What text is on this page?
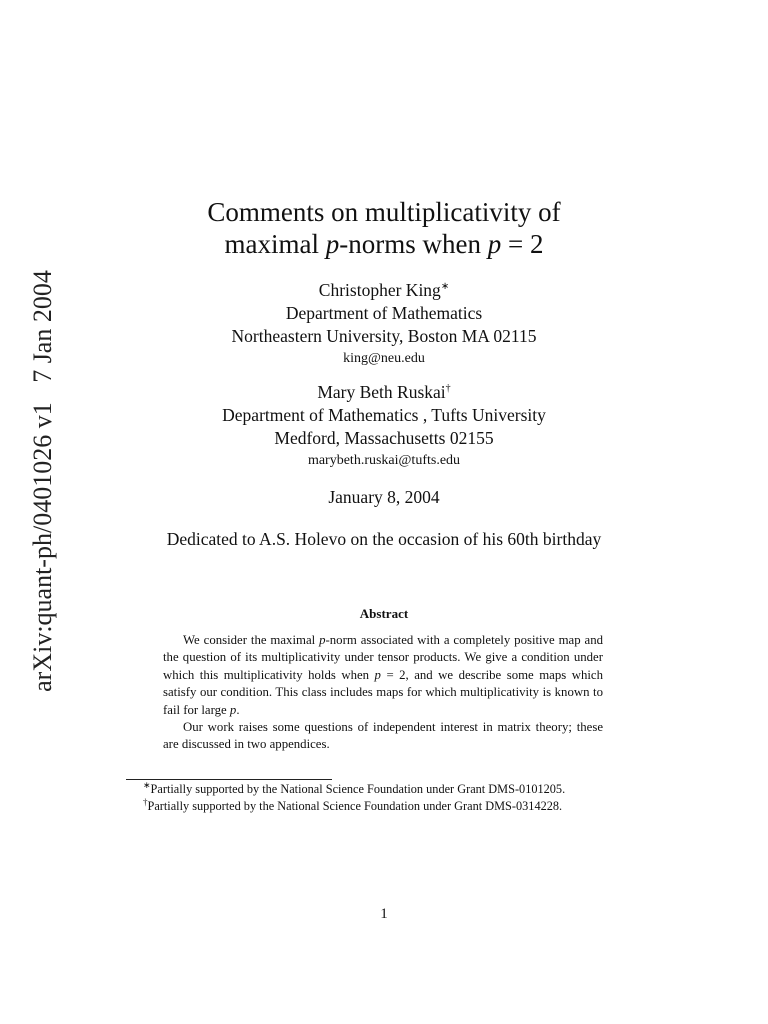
arXiv:quant-ph/0401026 v1   7 Jan 2004
Comments on multiplicativity of
maximal p-norms when p = 2
Christopher King∗
Department of Mathematics
Northeastern University, Boston MA 02115
king@neu.edu
Mary Beth Ruskai†
Department of Mathematics , Tufts University
Medford, Massachusetts 02155
marybeth.ruskai@tufts.edu
January 8, 2004
Dedicated to A.S. Holevo on the occasion of his 60th birthday
Abstract

We consider the maximal p-norm associated with a completely positive map and the question of its multiplicativity under tensor products. We give a condition under which this multiplicativity holds when p = 2, and we describe some maps which satisfy our condition. This class includes maps for which multiplicativity is known to fail for large p.

Our work raises some questions of independent interest in matrix theory; these are discussed in two appendices.

∗Partially supported by the National Science Foundation under Grant DMS-0101205.
†Partially supported by the National Science Foundation under Grant DMS-0314228.
1
